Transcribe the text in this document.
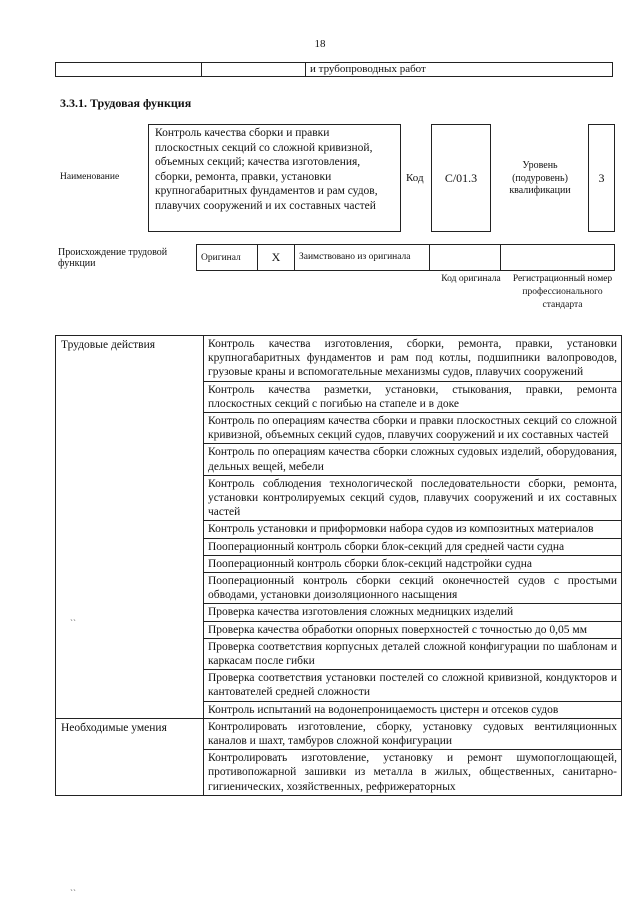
18
		и трубопроводных работ
3.3.1. Трудовая функция
Наименование
Контроль качества сборки и правки плоскостных секций со сложной кривизной, объемных секций; качества изготовления, сборки, ремонта, правки, установки крупногабаритных фундаментов и рам судов, плавучих сооружений и их составных частей
Код	C/01.3
Уровень (подуровень) квалификации
3
Происхождение трудовой функции
Оригинал	X	Заимствовано из оригинала		
Код оригинала	Регистрационный номер профессионального стандарта
Трудовые действия	Контроль качества изготовления, сборки, ремонта, правки, установки крупногабаритных фундаментов и рам под котлы, подшипники валопроводов, грузовые краны и вспомогательные механизмы судов, плавучих сооружений
	Контроль качества разметки, установки, стыкования, правки, ремонта плоскостных секций с погибью на стапеле и в доке
	Контроль по операциям качества сборки и правки плоскостных секций со сложной кривизной, объемных секций судов, плавучих сооружений и их составных частей
	Контроль по операциям качества сборки сложных судовых изделий, оборудования, дельных вещей, мебели
	Контроль соблюдения технологической последовательности сборки, ремонта, установки контролируемых секций судов, плавучих сооружений и их составных частей
	Контроль установки и приформовки набора судов из композитных материалов
	Пооперационный контроль сборки блок-секций для средней части судна
	Пооперационный контроль сборки блок-секций надстройки судна
	Пооперационный контроль сборки секций оконечностей судов с простыми обводами, установки доизоляционного насыщения
	Проверка качества изготовления сложных медницких изделий
	Проверка качества обработки опорных поверхностей с точностью до 0,05 мм
	Проверка соответствия корпусных деталей сложной конфигурации по шаблонам и каркасам после гибки
	Проверка соответствия установки постелей со сложной кривизной, кондукторов и кантователей средней сложности
	Контроль испытаний на водонепроницаемость цистерн и отсеков судов
Необходимые умения	Контролировать изготовление, сборку, установку судовых вентиляционных каналов и шахт, тамбуров сложной конфигурации
	Контролировать изготовление, установку и ремонт шумопоглощающей, противопожарной зашивки из металла в жилых, общественных, санитарно-гигиенических, хозяйственных, рефрижераторных
``
``
